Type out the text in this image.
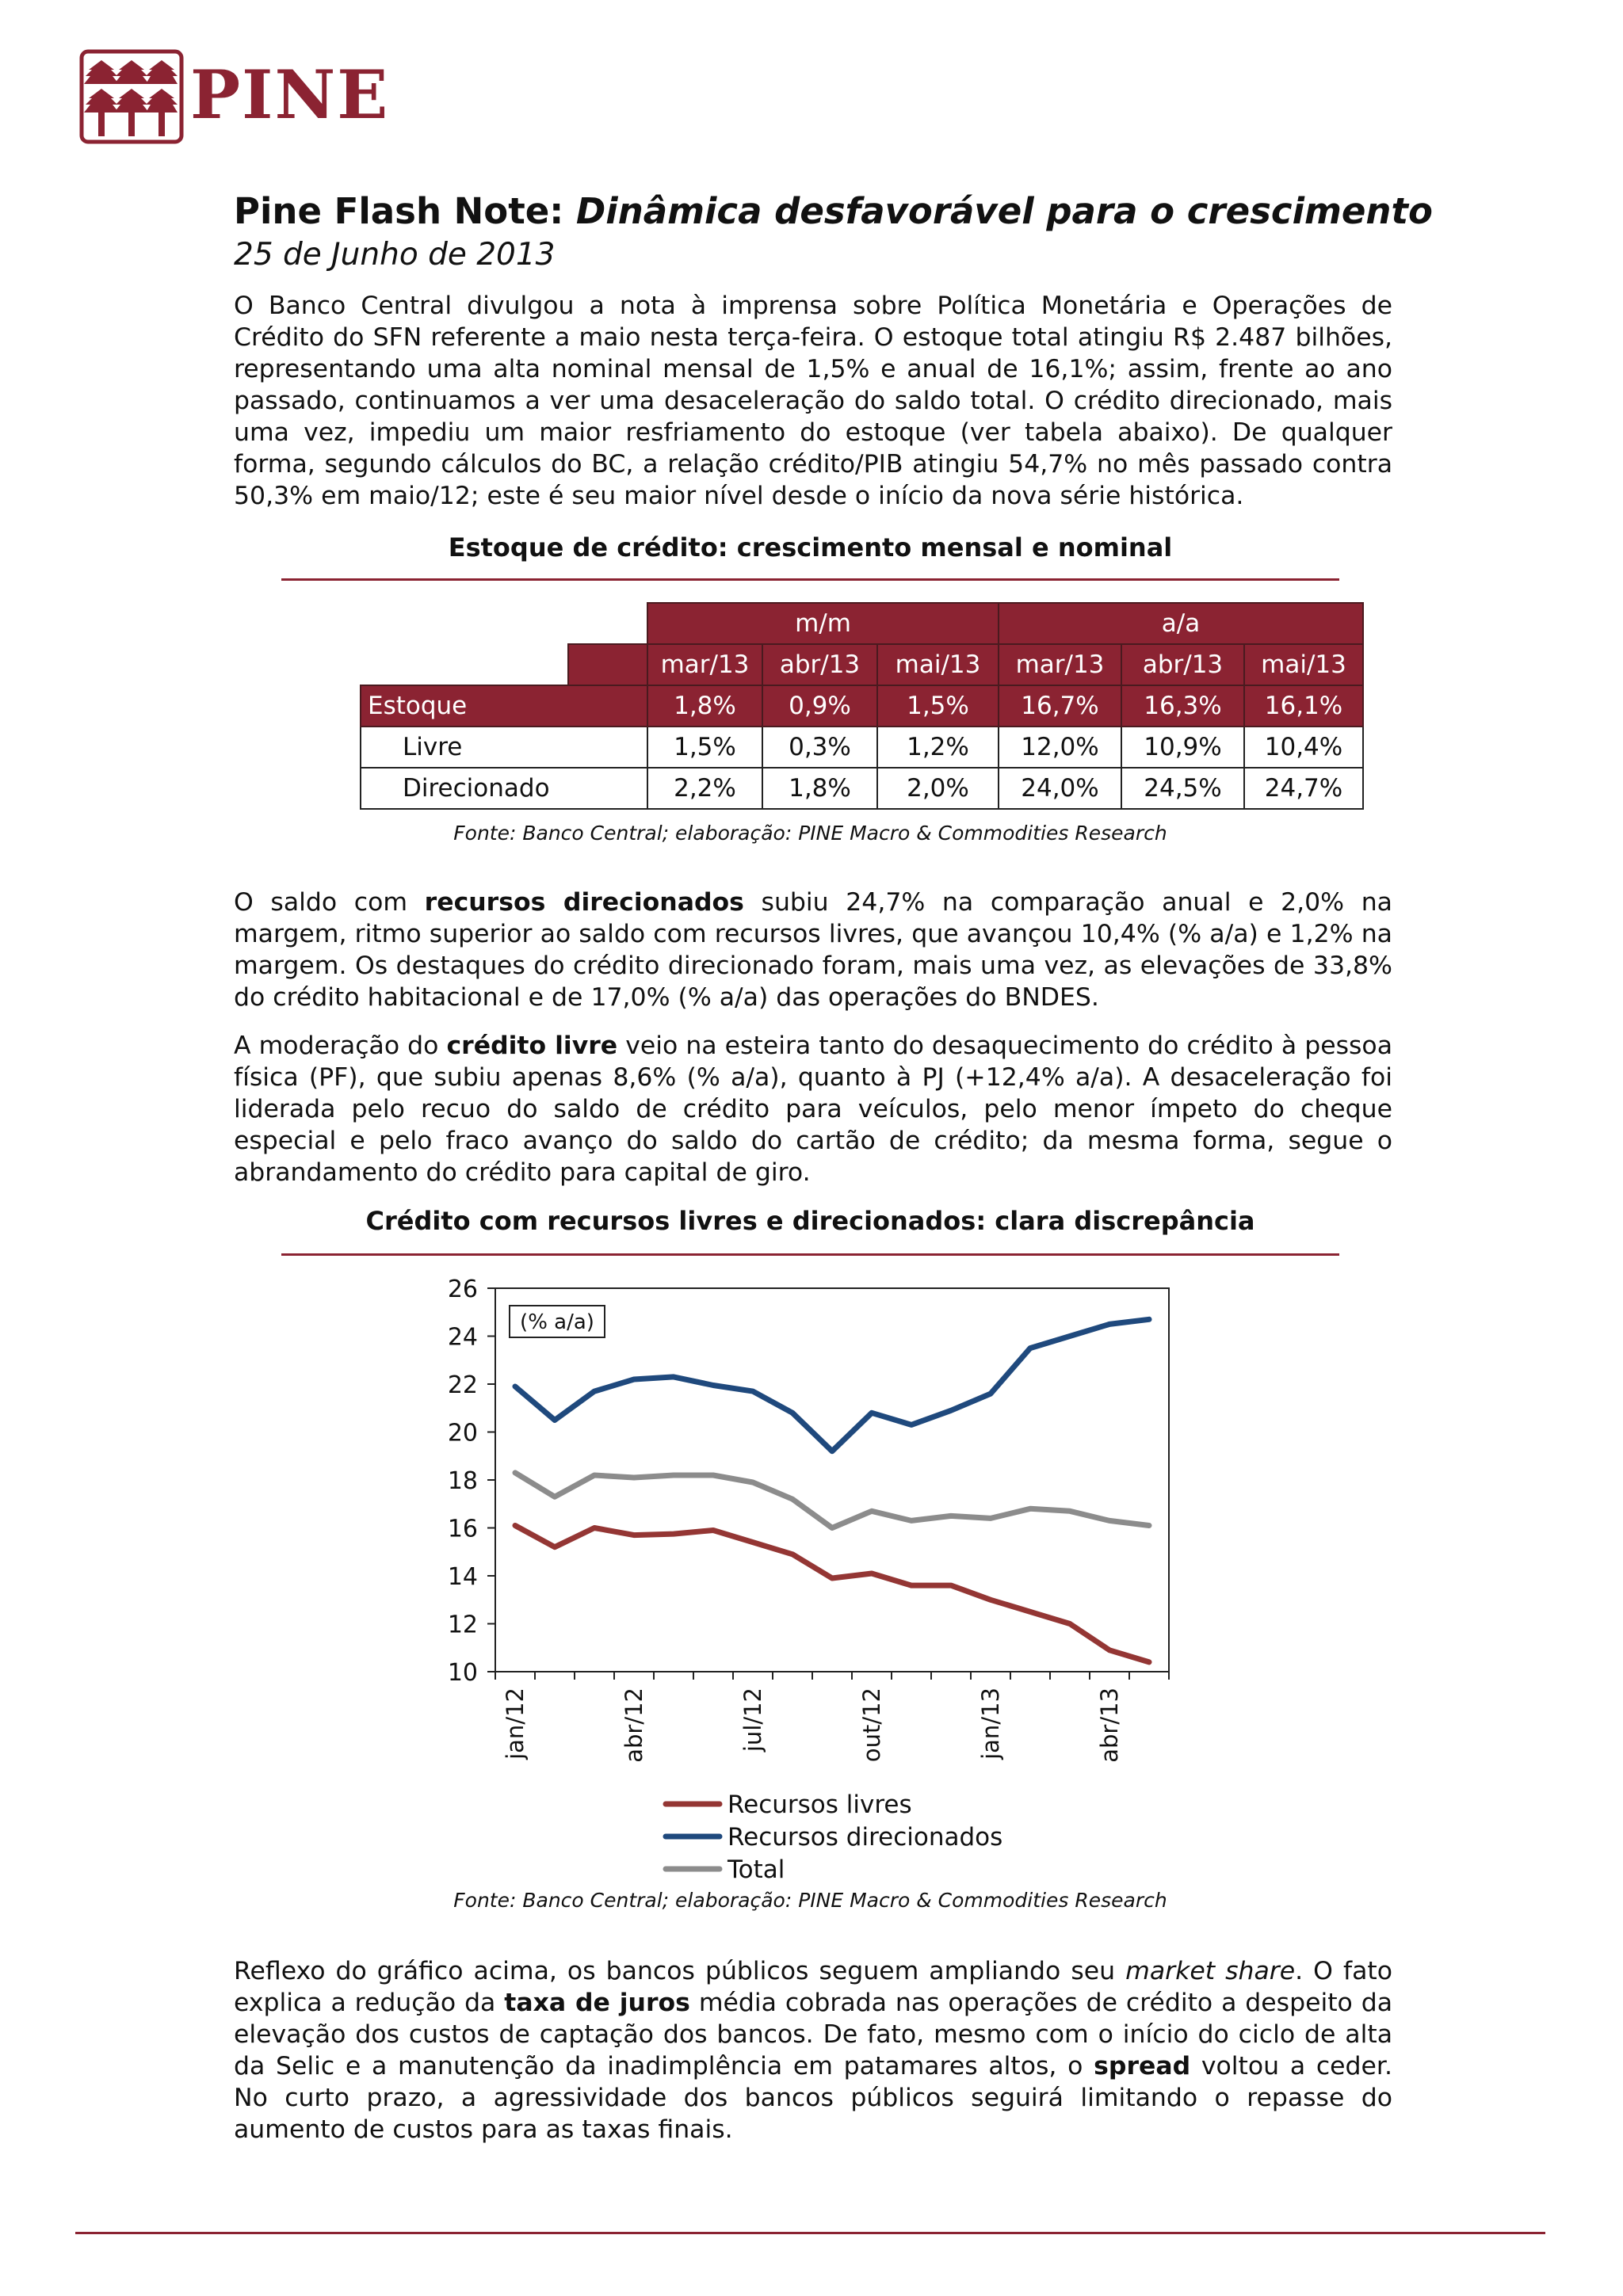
PINE
Pine Flash Note: Dinâmica desfavorável para o crescimento
25 de Junho de 2013
O Banco Central divulgou a nota à imprensa sobre Política Monetária e Operações de Crédito do SFN referente a maio nesta terça-feira. O estoque total atingiu R$ 2.487 bilhões, representando uma alta nominal mensal de 1,5% e anual de 16,1%; assim, frente ao ano passado, continuamos a ver uma desaceleração do saldo total. O crédito direcionado, mais uma vez, impediu um maior resfriamento do estoque (ver tabela abaixo). De qualquer forma, segundo cálculos do BC, a relação crédito/PIB atingiu 54,7% no mês passado contra 50,3% em maio/12; este é seu maior nível desde o início da nova série histórica.
Estoque de crédito: crescimento mensal e nominal
		m/m			a/a		
		mar/13	abr/13	mai/13	mar/13	abr/13	mai/13
Estoque		1,8%	0,9%	1,5%	16,7%	16,3%	16,1%
Livre		1,5%	0,3%	1,2%	12,0%	10,9%	10,4%
Direcionado		2,2%	1,8%	2,0%	24,0%	24,5%	24,7%
Fonte: Banco Central; elaboração: PINE Macro & Commodities Research
O saldo com recursos direcionados subiu 24,7% na comparação anual e 2,0% na margem, ritmo superior ao saldo com recursos livres, que avançou 10,4% (% a/a) e 1,2% na margem. Os destaques do crédito direcionado foram, mais uma vez, as elevações de 33,8% do crédito habitacional e de 17,0% (% a/a) das operações do BNDES.
A moderação do crédito livre veio na esteira tanto do desaquecimento do crédito à pessoa física (PF), que subiu apenas 8,6% (% a/a), quanto à PJ (+12,4% a/a). A desaceleração foi liderada pelo recuo do saldo de crédito para veículos, pelo menor ímpeto do cheque especial e pelo fraco avanço do saldo do cartão de crédito; da mesma forma, segue o abrandamento do crédito para capital de giro.
Crédito com recursos livres e direcionados: clara discrepância
10
12
14
16
18
20
22
24
26
jan/12	abr/12	jul/12	out/12	jan/13	abr/13
(% a/a)
Recursos livres
Recursos direcionados
Total
Fonte: Banco Central; elaboração: PINE Macro & Commodities Research
Reflexo do gráfico acima, os bancos públicos seguem ampliando seu market share. O fato explica a redução da taxa de juros média cobrada nas operações de crédito a despeito da elevação dos custos de captação dos bancos. De fato, mesmo com o início do ciclo de alta da Selic e a manutenção da inadimplência em patamares altos, o spread voltou a ceder. No curto prazo, a agressividade dos bancos públicos seguirá limitando o repasse do aumento de custos para as taxas finais.
